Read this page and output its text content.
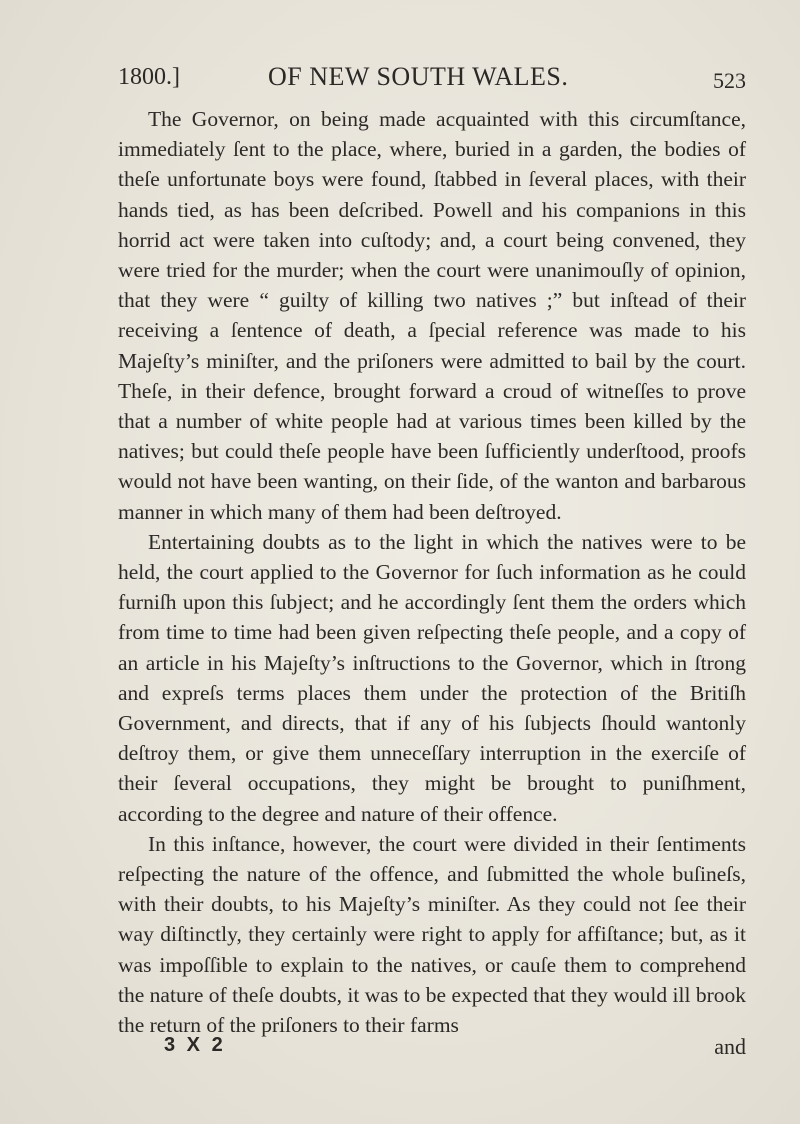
1800.]	OF NEW SOUTH WALES.	523

The Governor, on being made acquainted with this circumſtance, immediately ſent to the place, where, buried in a garden, the bodies of theſe unfortunate boys were found, ſtabbed in ſeveral places, with their hands tied, as has been deſcribed. Powell and his companions in this horrid act were taken into cuſtody; and, a court being convened, they were tried for the murder; when the court were unanimouſly of opinion, that they were “ guilty of killing two natives ;” but inſtead of their receiving a ſentence of death, a ſpecial reference was made to his Majeſty’s miniſter, and the priſoners were admitted to bail by the court. Theſe, in their defence, brought forward a croud of witneſſes to prove that a number of white people had at various times been killed by the natives; but could theſe people have been ſufficiently underſtood, proofs would not have been wanting, on their ſide, of the wanton and barbarous manner in which many of them had been deſtroyed.

Entertaining doubts as to the light in which the natives were to be held, the court applied to the Governor for ſuch information as he could furniſh upon this ſubject; and he accordingly ſent them the orders which from time to time had been given reſpecting theſe people, and a copy of an article in his Majeſty’s inſtructions to the Governor, which in ſtrong and expreſs terms places them under the protection of the Britiſh Government, and directs, that if any of his ſubjects ſhould wantonly deſtroy them, or give them unneceſſary interruption in the exerciſe of their ſeveral occupations, they might be brought to puniſhment, according to the degree and nature of their offence.

In this inſtance, however, the court were divided in their ſentiments reſpecting the nature of the offence, and ſubmitted the whole buſineſs, with their doubts, to his Majeſty’s miniſter. As they could not ſee their way diſtinctly, they certainly were right to apply for affiſtance; but, as it was impoſſible to explain to the natives, or cauſe them to comprehend the nature of theſe doubts, it was to be expected that they would ill brook the return of the priſoners to their farms

3 X 2	and
